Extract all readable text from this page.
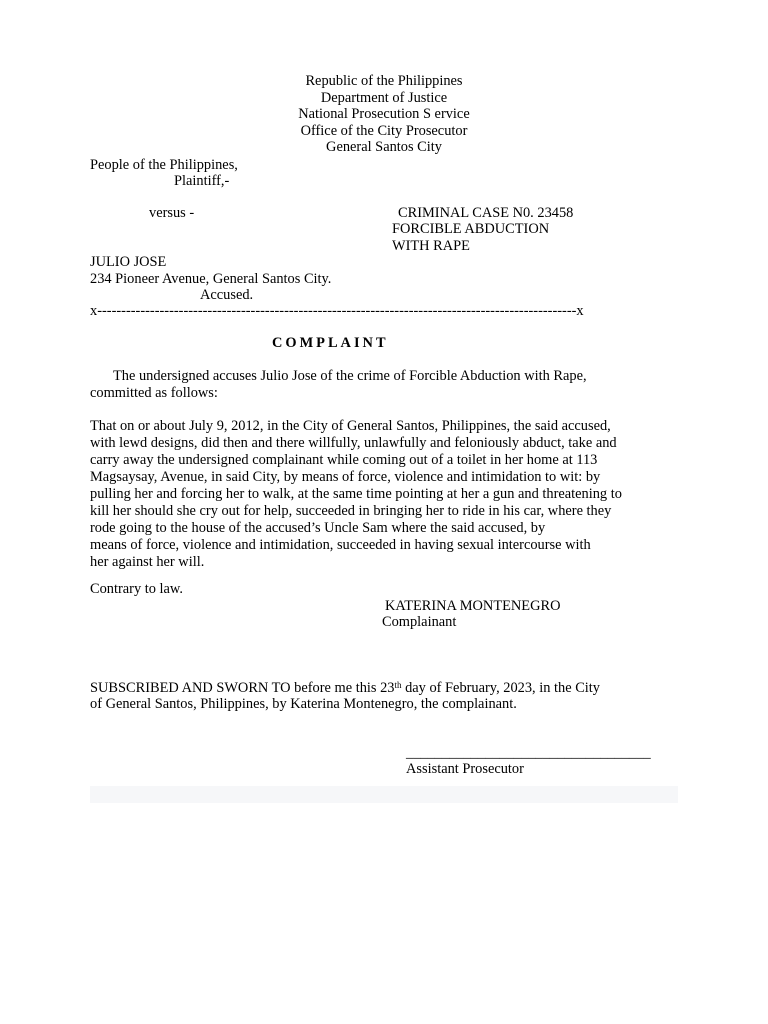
Republic of the Philippines
Department of Justice
National Prosecution S ervice
Office of the City Prosecutor
General Santos City
People of the Philippines,
Plaintiff,-
versus -	CRIMINAL CASE N0. 23458
FORCIBLE ABDUCTION
WITH RAPE
JULIO JOSE
234 Pioneer Avenue, General Santos City.
Accused.
x----------------------------------------------------------------------------------------------------x
COMPLAINT
The undersigned accuses Julio Jose of the crime of Forcible Abduction with Rape,
committed as follows:

That on or about July 9, 2012, in the City of General Santos, Philippines, the said accused,

with lewd designs, did then and there willfully, unlawfully and feloniously abduct, take and

carry away the undersigned complainant while coming out of a toilet in her home at 113

Magsaysay, Avenue, in said City, by means of force, violence and intimidation to wit: by

pulling her and forcing her to walk, at the same time pointing at her a gun and threatening to

kill her should she cry out for help, succeeded in bringing her to ride in his car, where they

rode going to the house of the accused’s Uncle Sam where the said accused, by

means of force, violence and intimidation, succeeded in having sexual intercourse with

her against her will.

Contrary to law.
KATERINA MONTENEGRO
Complainant
SUBSCRIBED AND SWORN TO before me this 23th day of February, 2023, in the City
of General Santos, Philippines, by Katerina Montenegro, the complainant.
__________________________________
Assistant Prosecutor
